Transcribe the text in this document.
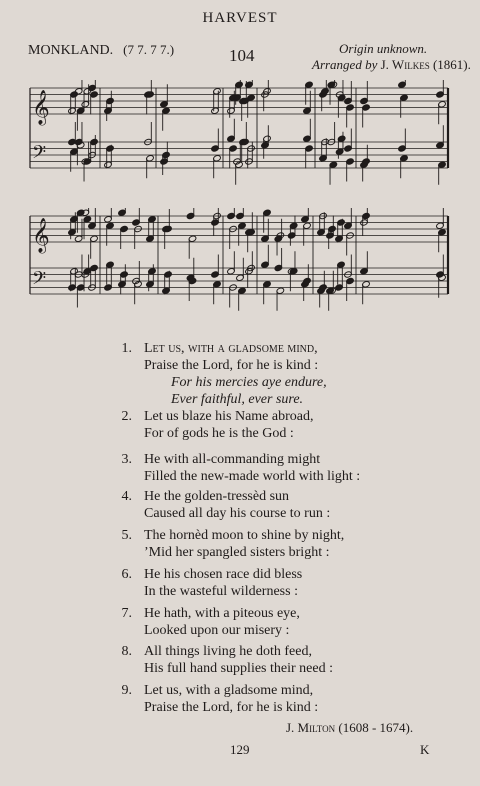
HARVEST
MONKLAND. (7 7. 7 7.)	104	Origin unknown.
Arranged by J. Wilkes (1861).
𝄞
𝄢
𝄞
𝄢
1. Let us, with a gladsome mind,
Praise the Lord, for he is kind :
For his mercies aye endure,
Ever faithful, ever sure.
2. Let us blaze his Name abroad,
For of gods he is the God :
3. He with all-commanding might
Filled the new-made world with light :
4. He the golden-tressèd sun
Caused all day his course to run :
5. The hornèd moon to shine by night,
’Mid her spangled sisters bright :
6. He his chosen race did bless
In the wasteful wilderness :
7. He hath, with a piteous eye,
Looked upon our misery :
8. All things living he doth feed,
His full hand supplies their need :
9. Let us, with a gladsome mind,
Praise the Lord, for he is kind :
J. Milton (1608 - 1674).
129	K
